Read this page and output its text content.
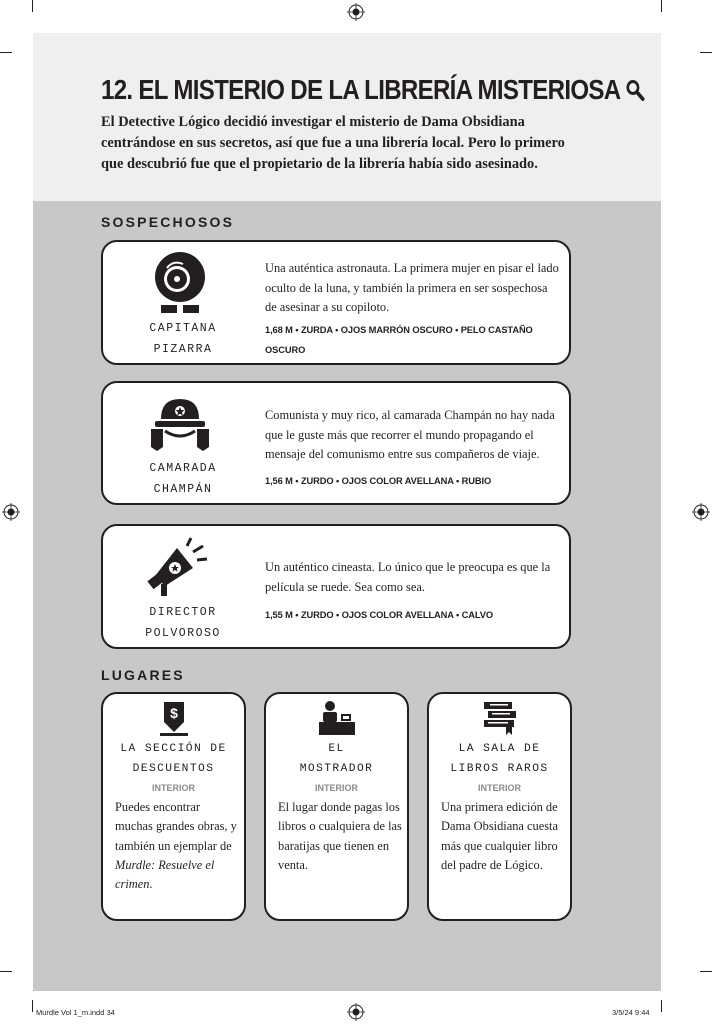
12. EL MISTERIO DE LA LIBRERÍA MISTERIOSA

El Detective Lógico decidió investigar el misterio de Dama Obsidiana centrándose en sus secretos, así que fue a una librería local. Pero lo primero que descubrió fue que el propietario de la librería había sido asesinado.

SOSPECHOSOS
CAPITANA
PIZARRA
Una auténtica astronauta. La primera mujer en pisar el lado oculto de la luna, y también la primera en ser sospechosa de asesinar a su copiloto.
1,68 M • ZURDA • OJOS MARRÓN OSCURO • PELO CASTAÑO OSCURO
CAMARADA
CHAMPÁN
Comunista y muy rico, al camarada Champán no hay nada que le guste más que recorrer el mundo propagando el mensaje del comunismo entre sus compañeros de viaje.
1,56 M • ZURDO • OJOS COLOR AVELLANA • RUBIO
DIRECTOR
POLVOROSO
Un auténtico cineasta. Lo único que le preocupa es que la película se ruede. Sea como sea.
1,55 M • ZURDO • OJOS COLOR AVELLANA • CALVO
LUGARES
$
LA SECCIÓN DE
DESCUENTOS
INTERIOR
Puedes encontrar muchas grandes obras, y también un ejemplar de Murdle: Resuelve el crimen.
EL
MOSTRADOR
INTERIOR
El lugar donde pagas los libros o cualquiera de las baratijas que tienen en venta.
LA SALA DE
LIBROS RAROS
INTERIOR
Una primera edición de Dama Obsidiana cuesta más que cualquier libro del padre de Lógico.
Murdle Vol 1_m.indd 34	3/5/24 9:44
